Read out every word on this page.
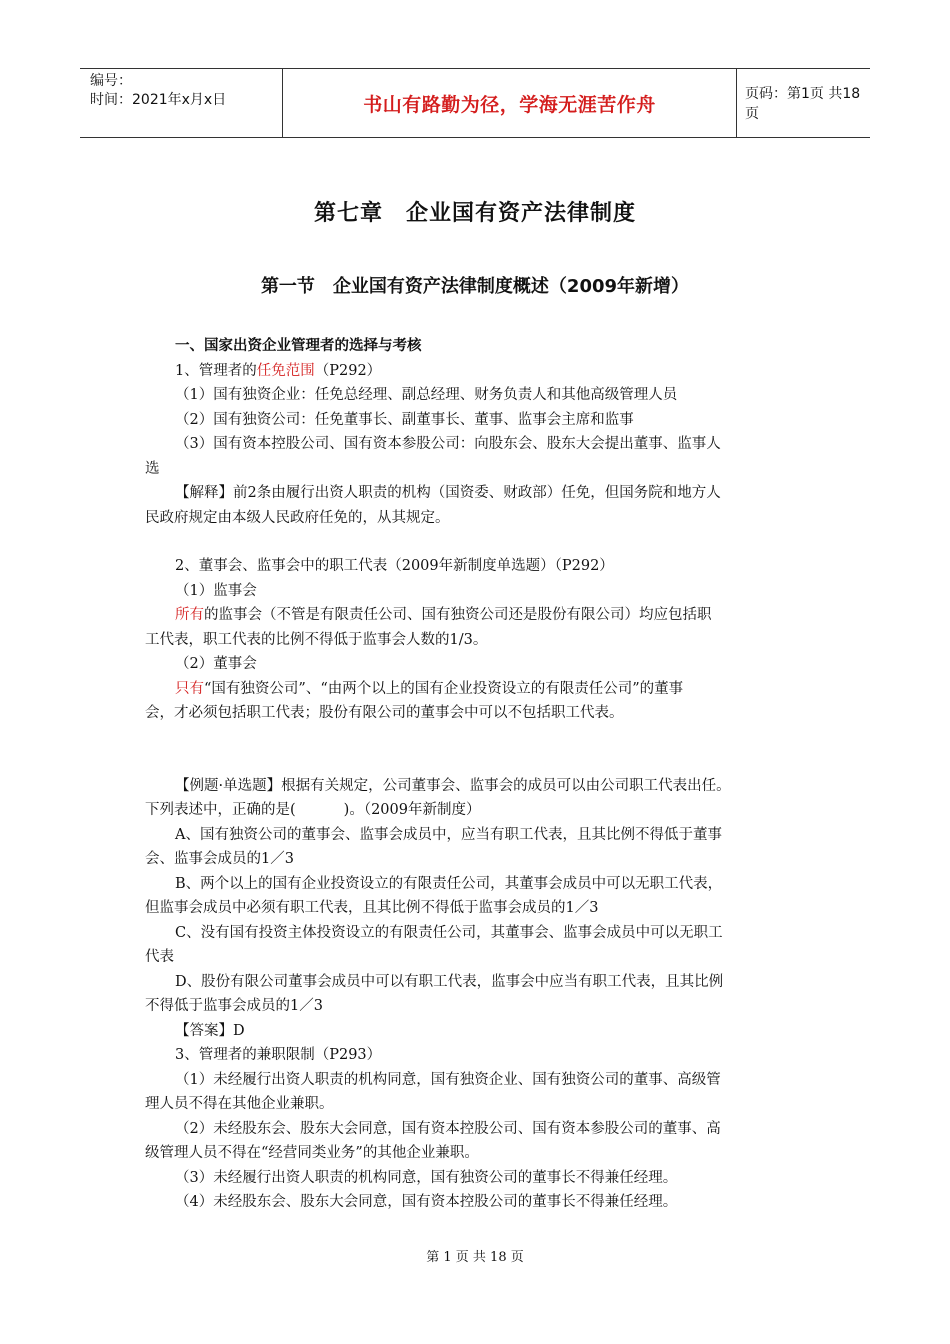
编号：
时间：2021年x月x日	书山有路勤为径，学海无涯苦作舟	页码：第1页 共18页
第七章　企业国有资产法律制度
第一节　企业国有资产法律制度概述（2009年新增）
一、国家出资企业管理者的选择与考核
1、管理者的任免范围（P292）
（1）国有独资企业：任免总经理、副总经理、财务负责人和其他高级管理人员
（2）国有独资公司：任免董事长、副董事长、董事、监事会主席和监事
（3）国有资本控股公司、国有资本参股公司：向股东会、股东大会提出董事、监事人
选
【解释】前2条由履行出资人职责的机构（国资委、财政部）任免，但国务院和地方人
民政府规定由本级人民政府任免的，从其规定。
2、董事会、监事会中的职工代表（2009年新制度单选题）（P292）
（1）监事会
所有的监事会（不管是有限责任公司、国有独资公司还是股份有限公司）均应包括职
工代表，职工代表的比例不得低于监事会人数的1/3。
（2）董事会
只有“国有独资公司”、“由两个以上的国有企业投资设立的有限责任公司”的董事
会，才必须包括职工代表；股份有限公司的董事会中可以不包括职工代表。
【例题·单选题】根据有关规定，公司董事会、监事会的成员可以由公司职工代表出任。
下列表述中，正确的是(	)。（2009年新制度）
A、国有独资公司的董事会、监事会成员中，应当有职工代表，且其比例不得低于董事
会、监事会成员的1／3
B、两个以上的国有企业投资设立的有限责任公司，其董事会成员中可以无职工代表，
但监事会成员中必须有职工代表，且其比例不得低于监事会成员的1／3
C、没有国有投资主体投资设立的有限责任公司，其董事会、监事会成员中可以无职工
代表
D、股份有限公司董事会成员中可以有职工代表，监事会中应当有职工代表，且其比例
不得低于监事会成员的1／3
【答案】D
3、管理者的兼职限制（P293）
（1）未经履行出资人职责的机构同意，国有独资企业、国有独资公司的董事、高级管
理人员不得在其他企业兼职。
（2）未经股东会、股东大会同意，国有资本控股公司、国有资本参股公司的董事、高
级管理人员不得在“经营同类业务”的其他企业兼职。
（3）未经履行出资人职责的机构同意，国有独资公司的董事长不得兼任经理。
（4）未经股东会、股东大会同意，国有资本控股公司的董事长不得兼任经理。
第 1 页 共 18 页
